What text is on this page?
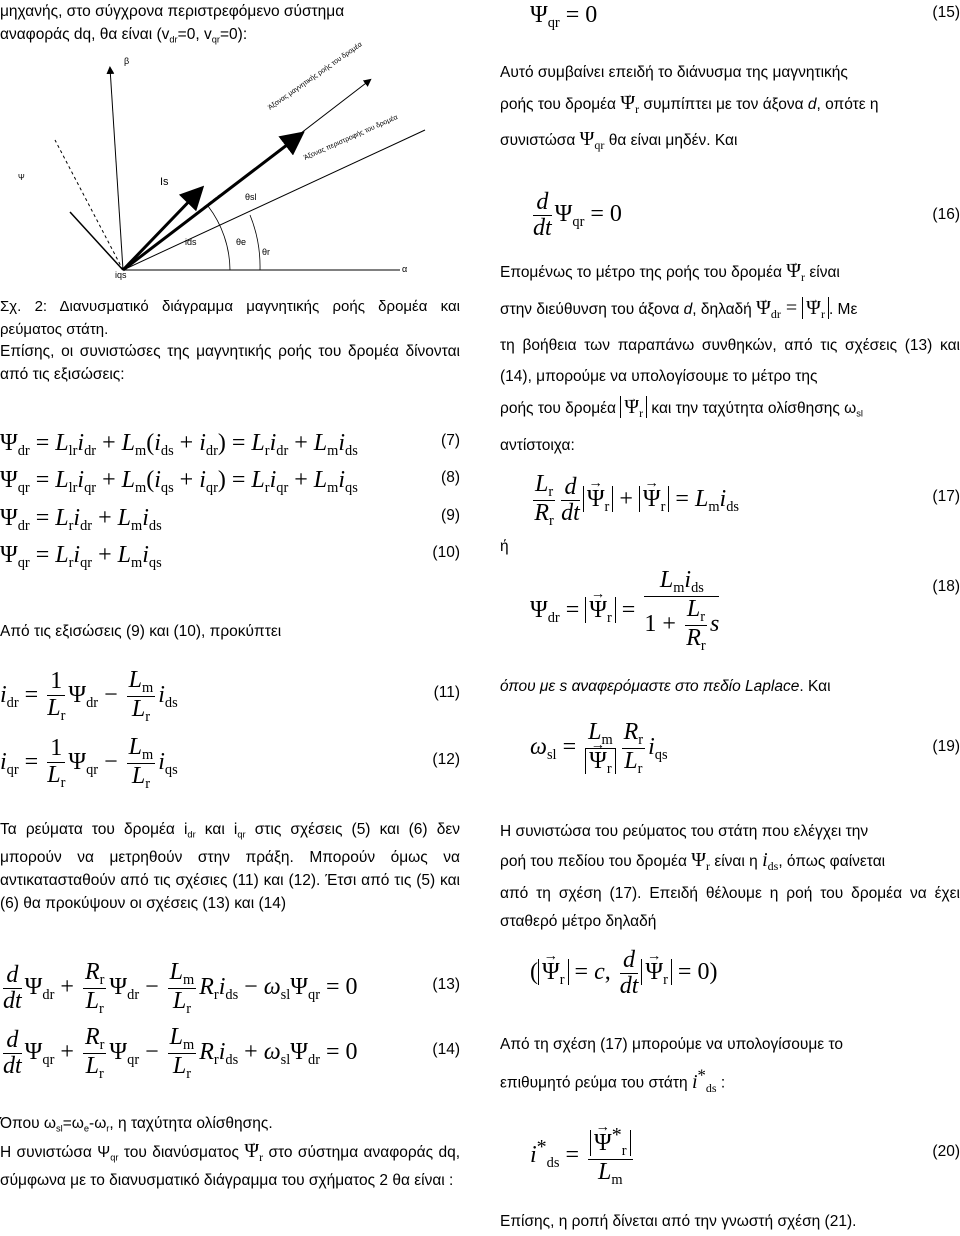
μηχανής, στο σύγχρονα περιστρεφόμενο σύστημα
αναφοράς dq, θα είναι ($v_{dr}=0$, $v_{qr}=0$):

β
α
Άξονας μαγνητικής ροής του δρομέα
Άξονας περιστροφής του δρομέα
Ψ	Is
ids
iqs
θe
θr
θsl

Σχ. 2: Διανυσματικό διάγραμμα μαγνητικής ροής δρομέα και ρεύματος στάτη.

Επίσης, οι συνιστώσες της μαγνητικής ροής του δρομέα δίνονται από τις εξισώσεις:

$\Psi_{dr} = L_{lr}i_{dr} + L_m(i_{ds} + i_{dr}) = L_ri_{dr} + L_mi_{ds}$
(7)
$\Psi_{qr} = L_{lr}i_{qr} + L_m(i_{qs} + i_{qr}) = L_ri_{qr} + L_mi_{qs}$
(8)
$\Psi_{dr} = L_ri_{dr} + L_mi_{ds}$
(9)
$\Psi_{qr} = L_ri_{qr} + L_mi_{qs}$
(10)

Από τις εξισώσεις (9) και (10), προκύπτει

$i_{dr} = \frac{1}{L_r} \Psi_{dr} - \frac{L_m}{L_r} i_{ds}$
(11)
$i_{qr} = \frac{1}{L_r} \Psi_{qr} - \frac{L_m}{L_r} i_{qs}$
(12)

Τα ρεύματα του δρομέα $i_{dr}$ και $i_{qr}$ στις σχέσεις (5) και (6) δεν μπορούν να μετρηθούν στην πράξη. Μπορούν όμως να αντικατασταθούν από τις σχέσιες (11) και (12). Έτσι από τις (5) και (6) θα προκύψουν οι σχέσεις (13) και (14)

$\frac{d}{dt} \Psi_{dr} + \frac{R_r}{L_r} \Psi_{dr} - \frac{L_m}{L_r} R_ri_{ds} - \omega_{sl}\Psi_{qr} = 0$	(13)
$\frac{d}{dt} \Psi_{qr} + \frac{R_r}{L_r} \Psi_{qr} - \frac{L_m}{L_r} R_ri_{ds} + \omega_{sl}\Psi_{dr} = 0$	(14)

Όπου $\omega_{sl}=\omega_e-\omega_r$, η ταχύτητα ολίσθησης.

Η συνιστώσα $\Psi_{qr}$ του $\delta\iota\alpha\nu ύ\sigma\mu\alpha\tau o\varsigma \to \Psi_r$ στο σύστημα αναφοράς dq, σύμφωνα με το διανυσματικό διάγραμμα του σχήματος 2 θα είναι :

$\Psi_{qr} = 0$	(15)

Αυτό συμβαίνει επειδή το διάνυσμα της μαγνητικής
ροής του $\delta\rho o\mu έ\alpha \to \Psi_r$ συμπίπτει με τον άξονα d, οπότε η
συνιστώσα $\Psi_{qr}$ θα είναι μηδέν. Και

$\frac{d}{dt} \Psi_{qr} = 0$	(16)

Επομένως το μέτρο της ροής του $\delta\rho o\mu έ\alpha \to \Psi_r$ είναι
στην διεύθυνση του άξονα d, $\delta\eta\lambda\alpha\delta ή \to \Psi_{dr}$ = → $\Psi_r$ . Με
τη βοήθεια των παραπάνω συνθηκών, από τις σχέσεις (13) και (14), μπορούμε να υπολογίσουμε το μέτρο της
ροής του $\delta\rho o\mu έ\alpha \to \Psi_r$ και την ταχύτητα ολίσθησης $\omega_{sl}$
αντίστοιχα:

$\frac{L_r}{R_r} \frac{d}{dt}$
→ $\Psi_r$ + → $\Psi_r = L_mi_{ds}$
(17)

ή

$\Psi_{dr}$ = → $\Psi_r = \frac{L_mi_{ds}}{1 + \frac{L_r}{R_r} s}$	(18)

όπου με s αναφερόμαστε στο πεδίο Laplace. Και

$\omega_{sl} = L_m$
→ $\Psi_r \frac{R_r}{L_r} i_{qs}$
(19)

Η συνιστώσα του ρεύματος του στάτη που ελέγχει την
ροή του πεδίου του δρομέα $\Psi_r$ είναι η $i_{ds}$, όπως φαίνεται
από τη σχέση (17). Επειδή θέλουμε η ροή του δρομέα να έχει σταθερό μέτρο δηλαδή

(→ $\Psi_r = c$, $\frac{d}{dt}$
→ $\Psi_r = 0$)

Από τη σχέση (17) μπορούμε να υπολογίσουμε το
επιθυμητό ρεύμα του στάτη $i^*_{ds}$ :

$i^*_{ds}$ =
→ $\frac{\Psi^*_r}{L_m}$	(20)

Επίσης, η ροπή δίνεται από την γνωστή σχέση (21).
